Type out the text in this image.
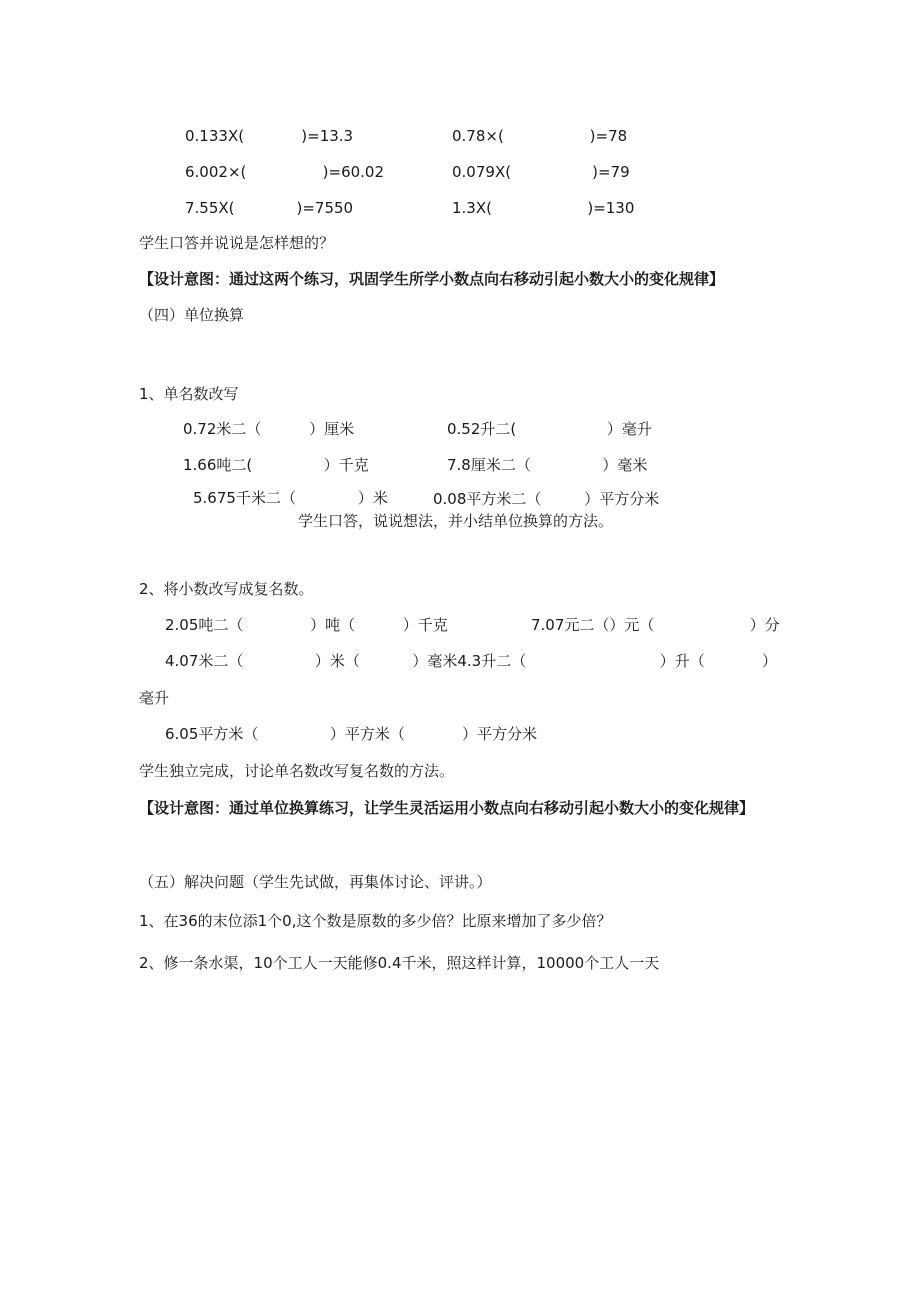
0.133X(            )=13.3	0.78×(                  )=78
6.002×(                )=60.02	0.079X(                 )=79
7.55X(             )=7550	1.3X(                    )=130
学生口答并说说是怎样想的？
【设计意图：通过这两个练习，巩固学生所学小数点向右移动引起小数大小的变化规律】
（四）单位换算
1、单名数改写
0.72米二（          ）厘米	0.52升二(                   ）毫升
1.66吨二(               ）千克	7.8厘米二（               ）毫米
5.675千米二（             ）米	0.08平方米二（         ）平方分米
学生口答，说说想法，并小结单位换算的方法。
2、将小数改写成复名数。
2.05吨二（              ）吨（          ）千克	7.07元二（）元（                    ）分
4.07米二（               ）米（           ）毫米4.3升二（                            ）升（            ）
毫升
6.05平方米（               ）平方米（            ）平方分米
学生独立完成，讨论单名数改写复名数的方法。
【设计意图：通过单位换算练习，让学生灵活运用小数点向右移动引起小数大小的变化规律】
（五）解决问题（学生先试做，再集体讨论、评讲。）
1、在36的末位添1个0,这个数是原数的多少倍？比原来增加了多少倍？
2、修一条水渠，10个工人一天能修0.4千米，照这样计算，10000个工人一天
